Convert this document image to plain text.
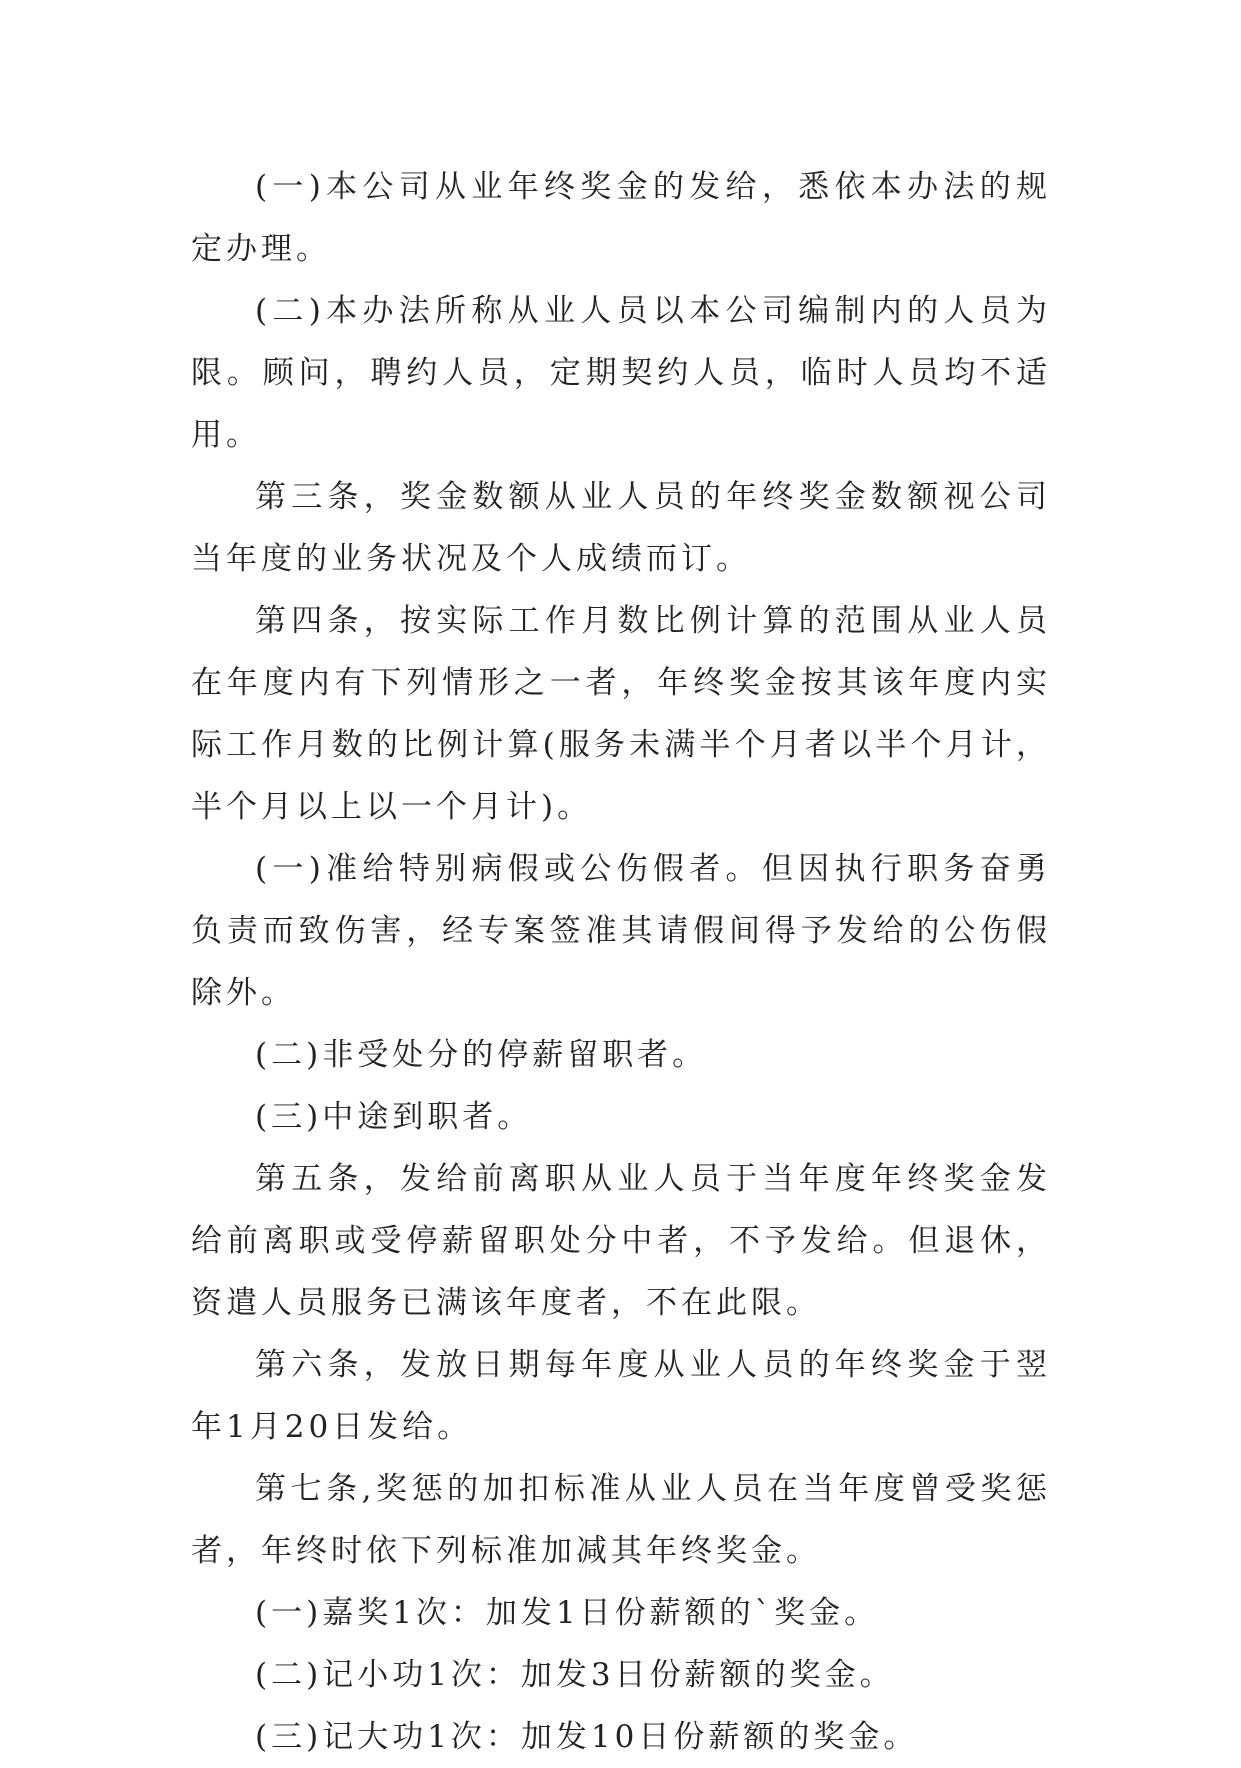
(一)本公司从业年终奖金的发给，悉依本办法的规定办理。

(二)本办法所称从业人员以本公司编制内的人员为限。顾问，聘约人员，定期契约人员，临时人员均不适用。

第三条，奖金数额从业人员的年终奖金数额视公司当年度的业务状况及个人成绩而订。

第四条，按实际工作月数比例计算的范围从业人员在年度内有下列情形之一者，年终奖金按其该年度内实际工作月数的比例计算(服务未满半个月者以半个月计，半个月以上以一个月计)。

(一)准给特别病假或公伤假者。但因执行职务奋勇负责而致伤害，经专案签准其请假间得予发给的公伤假除外。

(二)非受处分的停薪留职者。

(三)中途到职者。

第五条，发给前离职从业人员于当年度年终奖金发给前离职或受停薪留职处分中者，不予发给。但退休，资遣人员服务已满该年度者，不在此限。

第六条，发放日期每年度从业人员的年终奖金于翌年1月20日发给。

第七条,奖惩的加扣标准从业人员在当年度曾受奖惩者，年终时依下列标准加减其年终奖金。

(一)嘉奖1次：加发1日份薪额的`奖金。

(二)记小功1次：加发3日份薪额的奖金。

(三)记大功1次：加发10日份薪额的奖金。
